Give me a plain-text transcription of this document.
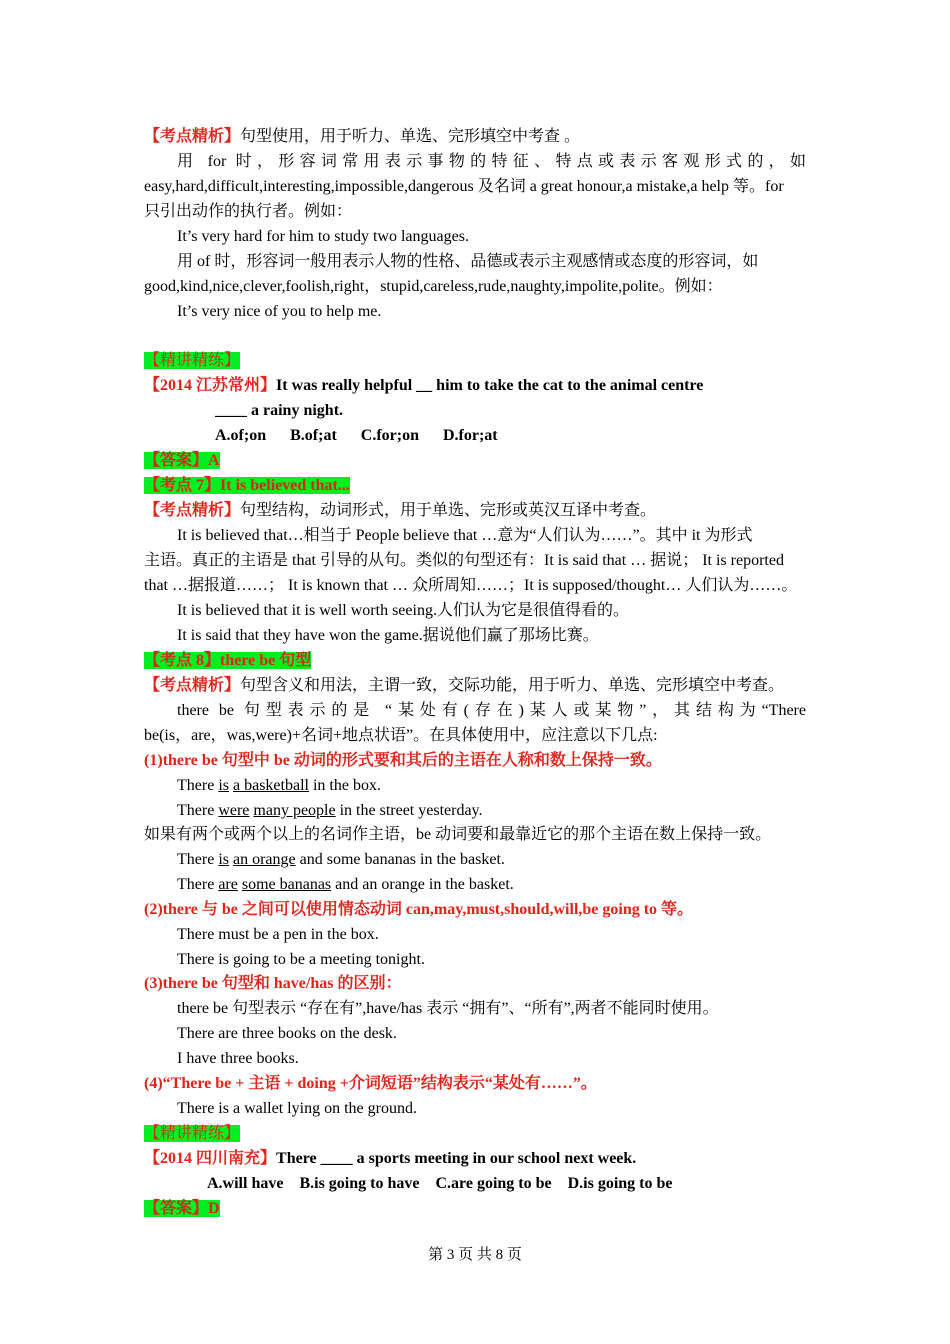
【考点精析】句型使用，用于听力、单选、完形填空中考查 。
用 for 时，形容词常用表示事物的特征、特点或表示客观形式的，如
easy,hard,difficult,interesting,impossible,dangerous 及名词 a great honour,a mistake,a help 等。for
只引出动作的执行者。例如：
It’s very hard for him to study two languages.
用 of 时，形容词一般用表示人物的性格、品德或表示主观感情或态度的形容词，如
good,kind,nice,clever,foolish,right，stupid,careless,rude,naughty,impolite,polite。例如：
It’s very nice of you to help me.
【精讲精练】
【2014 江苏常州】It was really helpful __ him to take the cat to the animal centre
____ a rainy night.
A.of;on B.of;at C.for;on D.for;at
【答案】A
【考点 7】It is believed that...
【考点精析】句型结构，动词形式，用于单选、完形或英汉互译中考查。
It is believed that…相当于 People believe that …意为“人们认为……”。其中 it 为形式
主语。真正的主语是 that 引导的从句。类似的句型还有：It is said that … 据说； It is reported
that …据报道……； It is known that … 众所周知……；It is supposed/thought… 人们认为……。
It is believed that it is well worth seeing.人们认为它是很值得看的。
It is said that they have won the game.据说他们赢了那场比赛。
【考点 8】there be 句型
【考点精析】句型含义和用法，主谓一致，交际功能，用于听力、单选、完形填空中考查。
there be 句型表示的是 “某处有(存在)某人或某物”，其结构为“There
be(is，are，was,were)+名词+地点状语”。在具体使用中，应注意以下几点:
(1)there be 句型中 be 动词的形式要和其后的主语在人称和数上保持一致。
There is a basketball in the box.
There were many people in the street yesterday.
如果有两个或两个以上的名词作主语，be 动词要和最靠近它的那个主语在数上保持一致。
There is an orange and some bananas in the basket.
There are some bananas and an orange in the basket.
(2)there 与 be 之间可以使用情态动词 can,may,must,should,will,be going to 等。
There must be a pen in the box.
There is going to be a meeting tonight.
(3)there be 句型和 have/has 的区别：
there be 句型表示 “存在有”,have/has 表示 “拥有”、“所有”,两者不能同时使用。
There are three books on the desk.
I have three books.
(4)“There be + 主语 + doing +介词短语”结构表示“某处有……”。
There is a wallet lying on the ground.
【精讲精练】
【2014 四川南充】There ____ a sports meeting in our school next week.
A.will have B.is going to have C.are going to be D.is going to be
【答案】D
第 3 页 共 8 页
